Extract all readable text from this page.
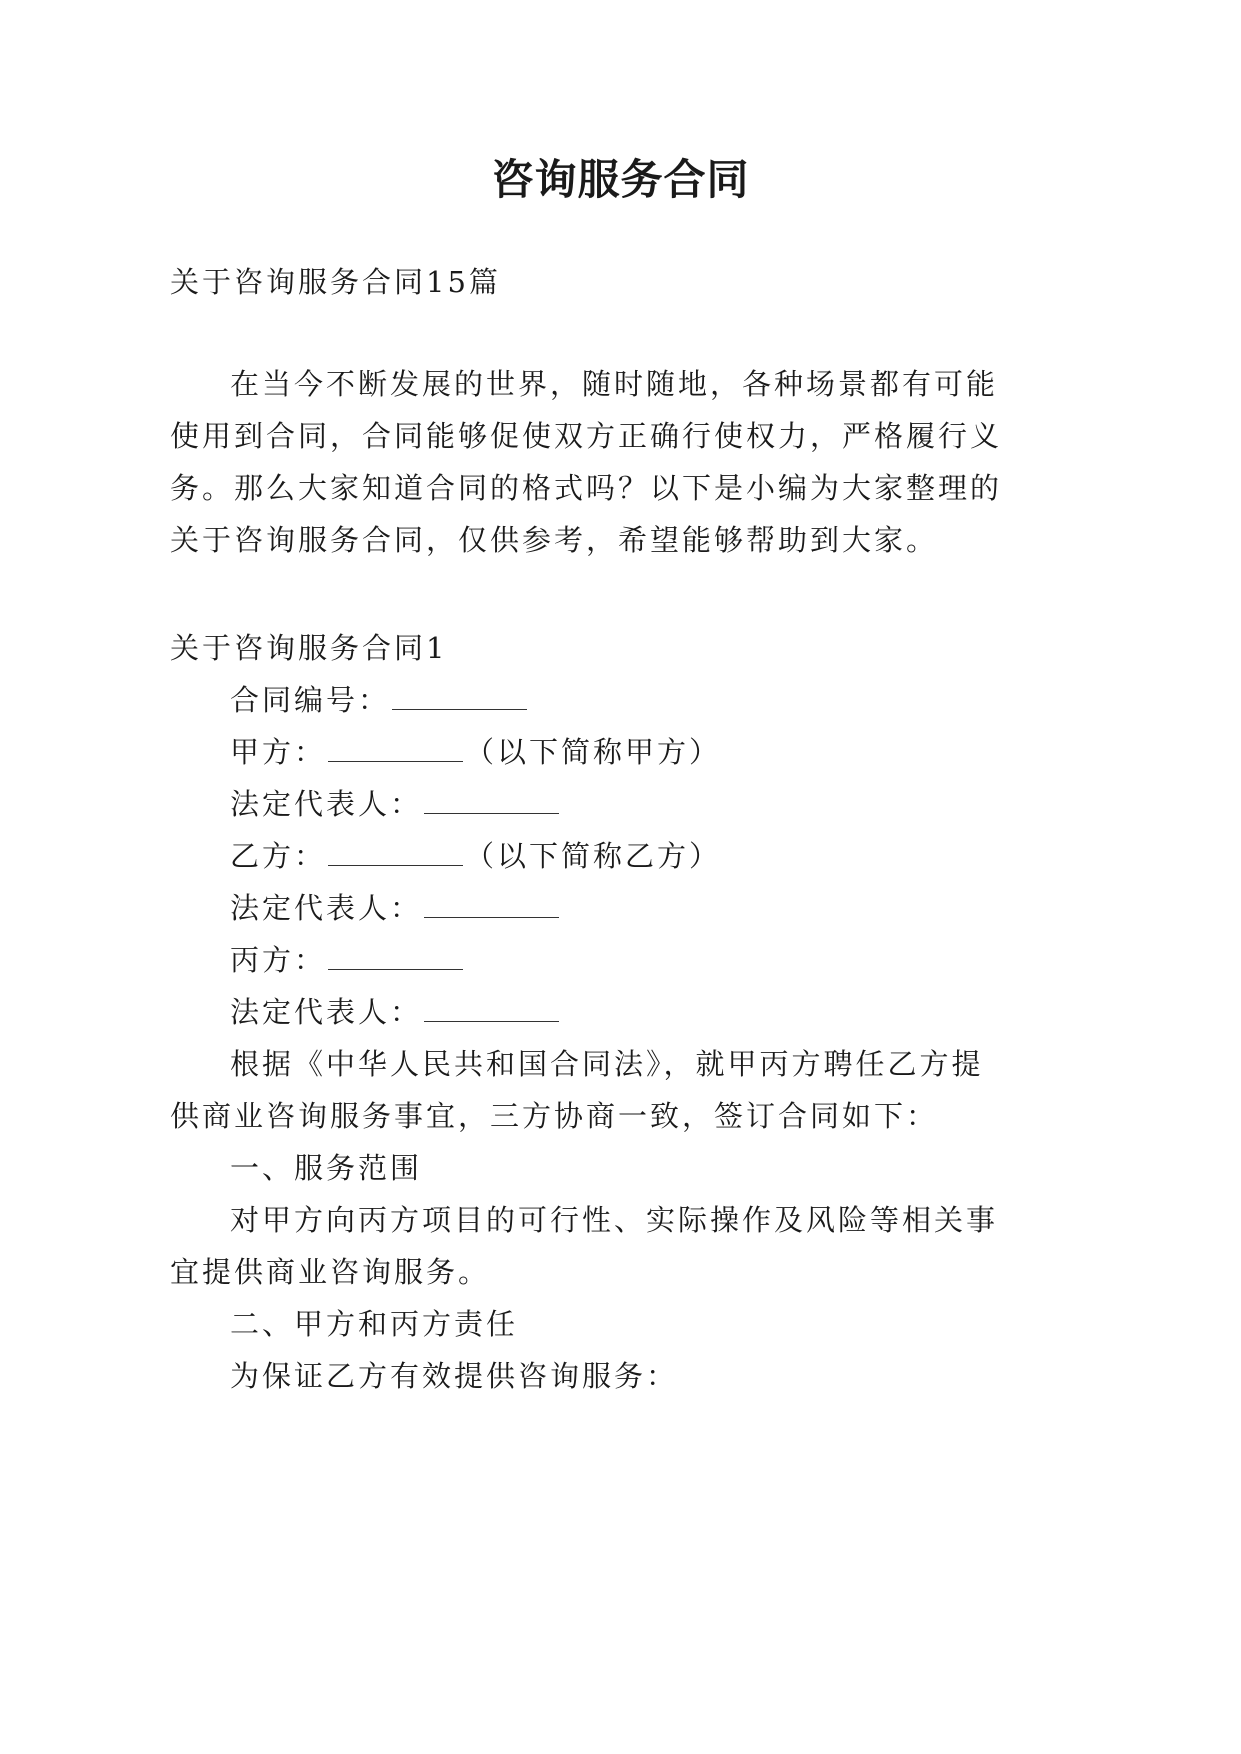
咨询服务合同
关于咨询服务合同15篇
在当今不断发展的世界，随时随地，各种场景都有可能
使用到合同，合同能够促使双方正确行使权力，严格履行义
务。那么大家知道合同的格式吗？以下是小编为大家整理的
关于咨询服务合同，仅供参考，希望能够帮助到大家。
关于咨询服务合同1
合同编号：
甲方：	（以下简称甲方）
法定代表人：
乙方：	（以下简称乙方）
法定代表人：
丙方：
法定代表人：
根据《中华人民共和国合同法》，就甲丙方聘任乙方提
供商业咨询服务事宜，三方协商一致，签订合同如下：
一、服务范围
对甲方向丙方项目的可行性、实际操作及风险等相关事
宜提供商业咨询服务。
二、甲方和丙方责任
为保证乙方有效提供咨询服务：
